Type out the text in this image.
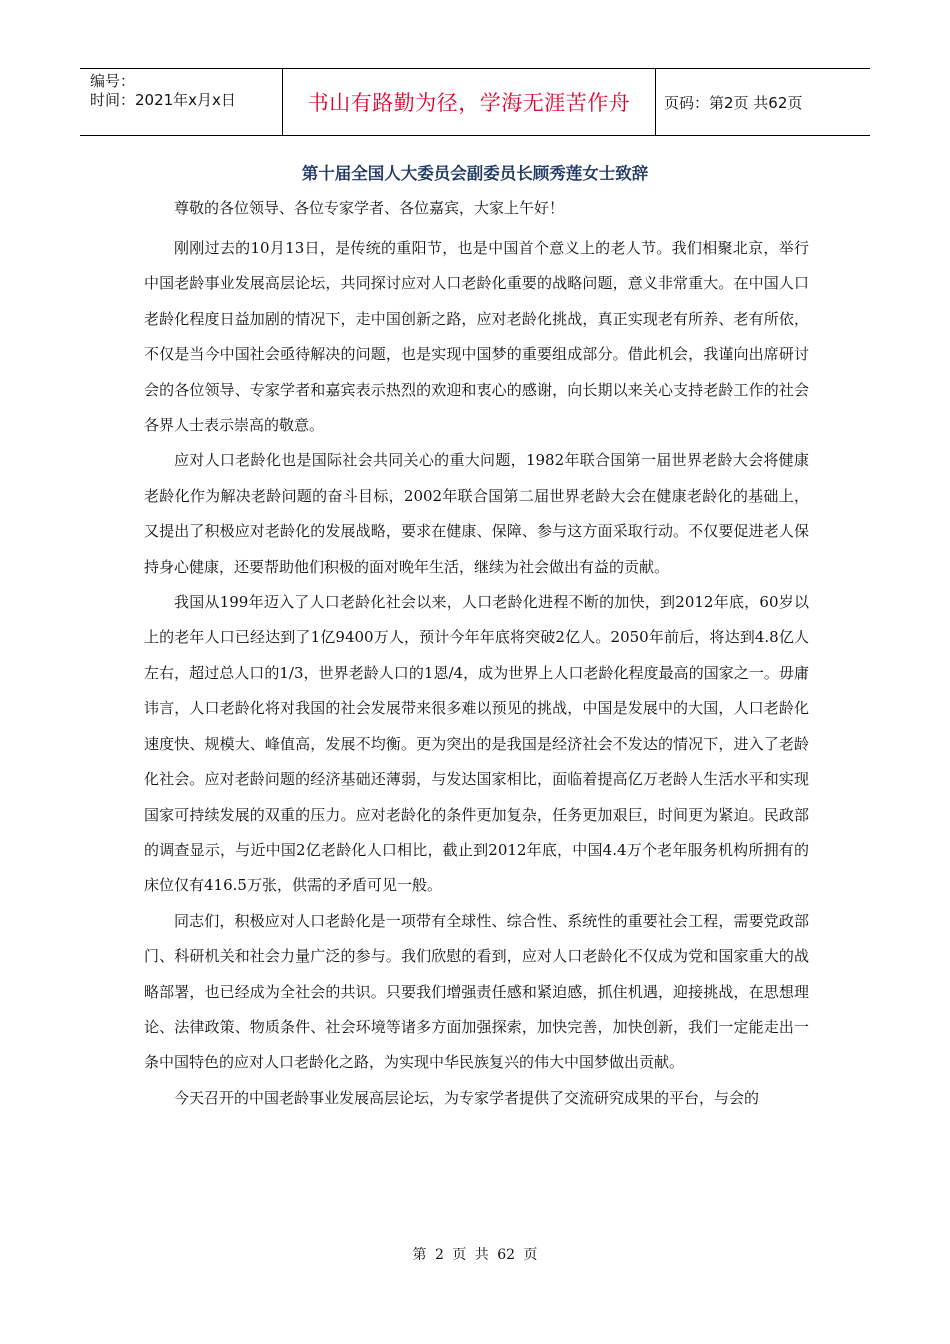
编号：
时间：2021年x月x日	书山有路勤为径，学海无涯苦作舟	页码：第2页 共62页
第十届全国人大委员会副委员长顾秀莲女士致辞

尊敬的各位领导、各位专家学者、各位嘉宾，大家上午好！

刚刚过去的10月13日，是传统的重阳节，也是中国首个意义上的老人节。我们相聚北京，举行中国老龄事业发展高层论坛，共同探讨应对人口老龄化重要的战略问题，意义非常重大。在中国人口老龄化程度日益加剧的情况下，走中国创新之路，应对老龄化挑战，真正实现老有所养、老有所依，不仅是当今中国社会亟待解决的问题，也是实现中国梦的重要组成部分。借此机会，我谨向出席研讨会的各位领导、专家学者和嘉宾表示热烈的欢迎和衷心的感谢，向长期以来关心支持老龄工作的社会各界人士表示崇高的敬意。

应对人口老龄化也是国际社会共同关心的重大问题，1982年联合国第一届世界老龄大会将健康老龄化作为解决老龄问题的奋斗目标，2002年联合国第二届世界老龄大会在健康老龄化的基础上，又提出了积极应对老龄化的发展战略，要求在健康、保障、参与这方面采取行动。不仅要促进老人保持身心健康，还要帮助他们积极的面对晚年生活，继续为社会做出有益的贡献。

我国从199年迈入了人口老龄化社会以来，人口老龄化进程不断的加快，到2012年底，60岁以上的老年人口已经达到了1亿9400万人，预计今年年底将突破2亿人。2050年前后，将达到4.8亿人左右，超过总人口的1/3，世界老龄人口的1恩/4，成为世界上人口老龄化程度最高的国家之一。毋庸讳言，人口老龄化将对我国的社会发展带来很多难以预见的挑战，中国是发展中的大国，人口老龄化速度快、规模大、峰值高，发展不均衡。更为突出的是我国是经济社会不发达的情况下，进入了老龄化社会。应对老龄问题的经济基础还薄弱，与发达国家相比，面临着提高亿万老龄人生活水平和实现国家可持续发展的双重的压力。应对老龄化的条件更加复杂，任务更加艰巨，时间更为紧迫。民政部的调查显示，与近中国2亿老龄化人口相比，截止到2012年底，中国4.4万个老年服务机构所拥有的床位仅有416.5万张，供需的矛盾可见一般。

同志们，积极应对人口老龄化是一项带有全球性、综合性、系统性的重要社会工程，需要党政部门、科研机关和社会力量广泛的参与。我们欣慰的看到，应对人口老龄化不仅成为党和国家重大的战略部署，也已经成为全社会的共识。只要我们增强责任感和紧迫感，抓住机遇，迎接挑战，在思想理论、法律政策、物质条件、社会环境等诸多方面加强探索，加快完善，加快创新，我们一定能走出一条中国特色的应对人口老龄化之路，为实现中华民族复兴的伟大中国梦做出贡献。

今天召开的中国老龄事业发展高层论坛，为专家学者提供了交流研究成果的平台，与会的

第 2 页 共 62 页
